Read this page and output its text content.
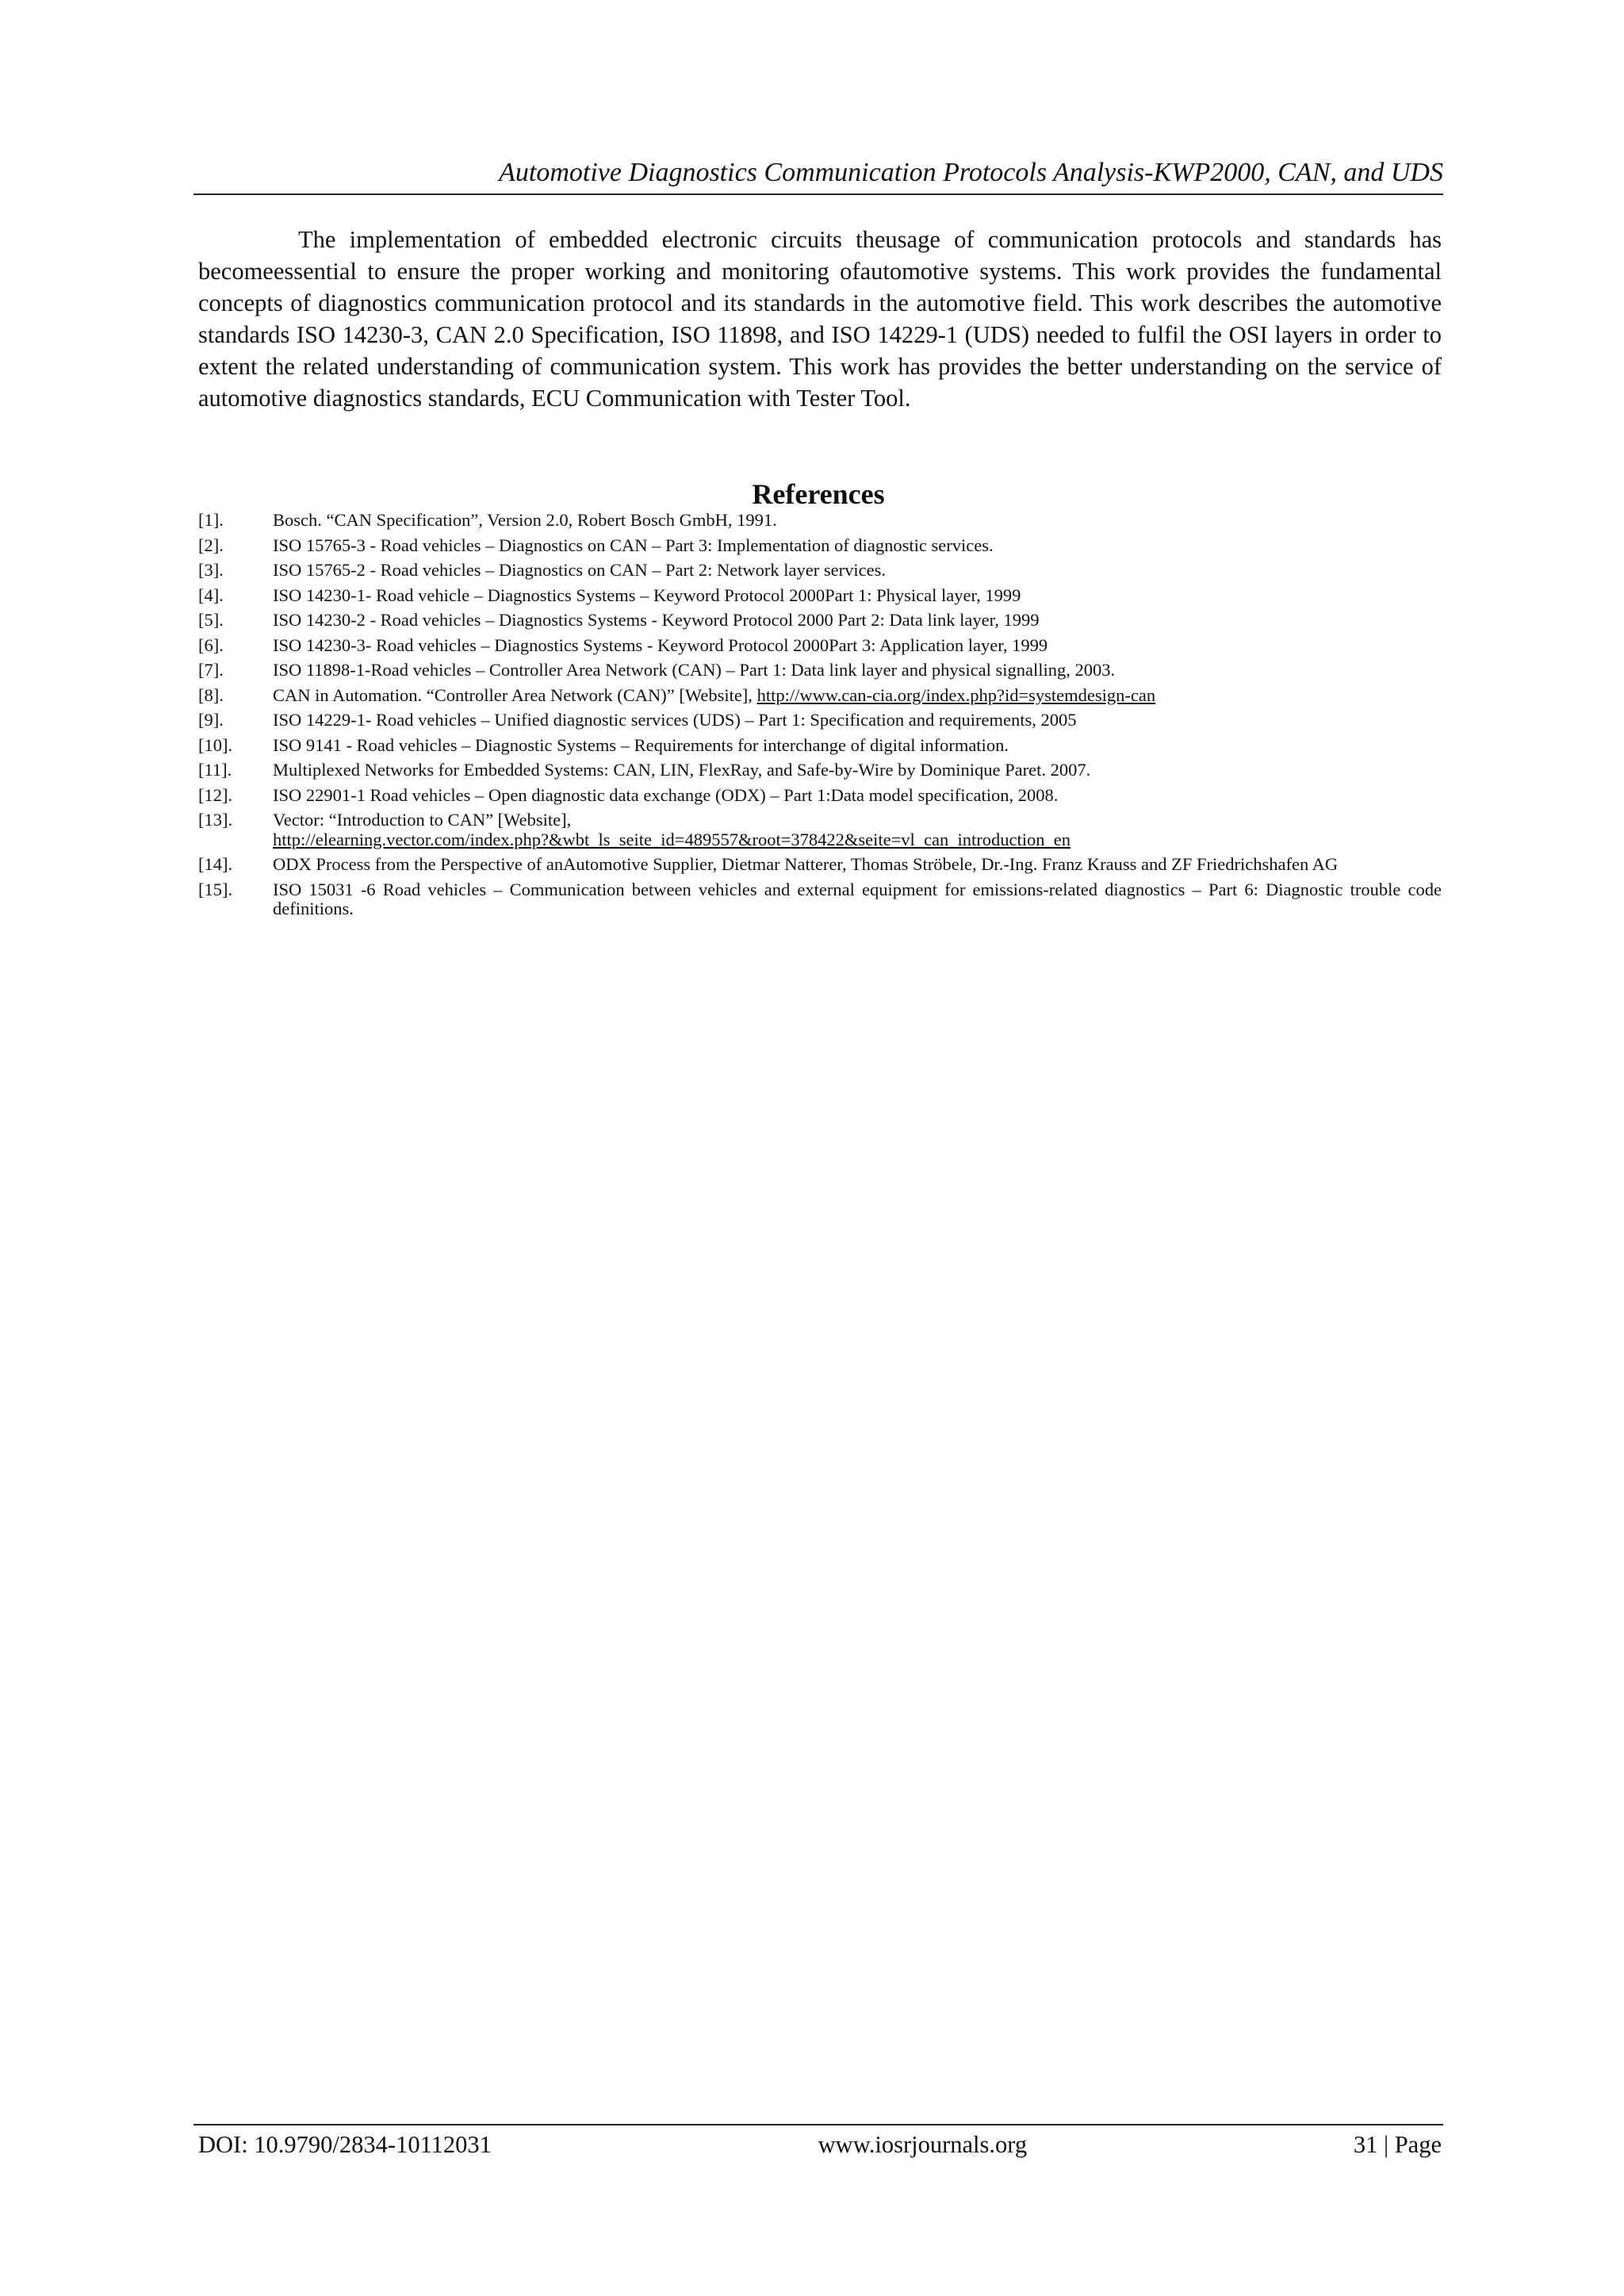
Automotive Diagnostics Communication Protocols Analysis-KWP2000, CAN, and UDS

The implementation of embedded electronic circuits theusage of communication protocols and standards has becomeessential to ensure the proper working and monitoring ofautomotive systems. This work provides the fundamental concepts of diagnostics communication protocol and its standards in the automotive field. This work describes the automotive standards ISO 14230-3, CAN 2.0 Specification, ISO 11898, and ISO 14229-1 (UDS) needed to fulfil the OSI layers in order to extent the related understanding of communication system. This work has provides the better understanding on the service of automotive diagnostics standards, ECU Communication with Tester Tool.

References
[1].	Bosch. “CAN Specification”, Version 2.0, Robert Bosch GmbH, 1991.
[2].	ISO 15765-3 - Road vehicles – Diagnostics on CAN – Part 3: Implementation of diagnostic services.
[3].	ISO 15765-2 - Road vehicles – Diagnostics on CAN – Part 2: Network layer services.
[4].	ISO 14230-1- Road vehicle – Diagnostics Systems – Keyword Protocol 2000Part 1: Physical layer, 1999
[5].	ISO 14230-2 - Road vehicles – Diagnostics Systems - Keyword Protocol 2000 Part 2: Data link layer, 1999
[6].	ISO 14230-3- Road vehicles – Diagnostics Systems - Keyword Protocol 2000Part 3: Application layer, 1999
[7].	ISO 11898-1-Road vehicles – Controller Area Network (CAN) – Part 1: Data link layer and physical signalling, 2003.
[8].	CAN in Automation. “Controller Area Network (CAN)” [Website], http://www.can-cia.org/index.php?id=systemdesign-can
[9].	ISO 14229-1- Road vehicles – Unified diagnostic services (UDS) – Part 1: Specification and requirements, 2005
[10].	ISO 9141 - Road vehicles – Diagnostic Systems – Requirements for interchange of digital information.
[11].	Multiplexed Networks for Embedded Systems: CAN, LIN, FlexRay, and Safe-by-Wire by Dominique Paret. 2007.
[12].	ISO 22901-1 Road vehicles – Open diagnostic data exchange (ODX) – Part 1:Data model specification, 2008.
[13].	Vector: “Introduction to CAN” [Website],
http://elearning.vector.com/index.php?&wbt_ls_seite_id=489557&root=378422&seite=vl_can_introduction_en
[14].	ODX Process from the Perspective of anAutomotive Supplier, Dietmar Natterer, Thomas Ströbele, Dr.-Ing. Franz Krauss and ZF Friedrichshafen AG
[15].	ISO 15031 -6 Road vehicles – Communication between vehicles and external equipment for emissions-related diagnostics – Part 6: Diagnostic trouble code definitions.
DOI: 10.9790/2834-10112031	www.iosrjournals.org	31 | Page
